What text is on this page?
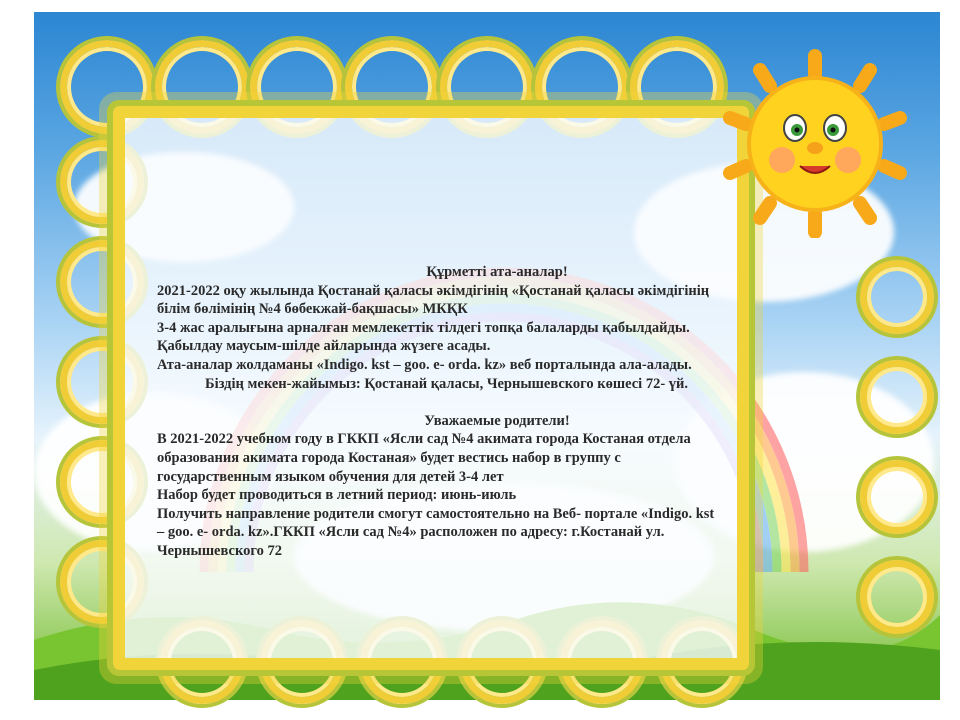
Құрметті ата-аналар!
2021-2022 оқу жылында Қостанай қаласы әкімдігінің «Қостанай қаласы әкімдігінің
білім бөлімінің №4 бөбекжай-бақшасы» МКҚК
3-4 жас аралығына арналған мемлекеттік тілдегі топқа балаларды қабылдайды.
Қабылдау маусым-шілде айларында жүзеге асады.
Ата-аналар жолдаманы «Indigo. kst – goo. e- orda. kz» веб порталында ала-алады.
Біздің мекен-жайымыз: Қостанай қаласы, Чернышевского көшесі 72- үй.
Уважаемые родители!
В 2021-2022 учебном году в ГККП «Ясли сад №4 акимата города Костаная отдела
образования акимата города Костаная» будет вестись набор в группу с
государственным языком обучения для детей 3-4 лет
Набор будет проводиться в летний период: июнь-июль
Получить направление родители смогут самостоятельно на Веб- портале «Indigo. kst
– goo. e- orda. kz».ГККП «Ясли сад №4» расположен по адресу: г.Костанай ул.
Чернышевского 72
